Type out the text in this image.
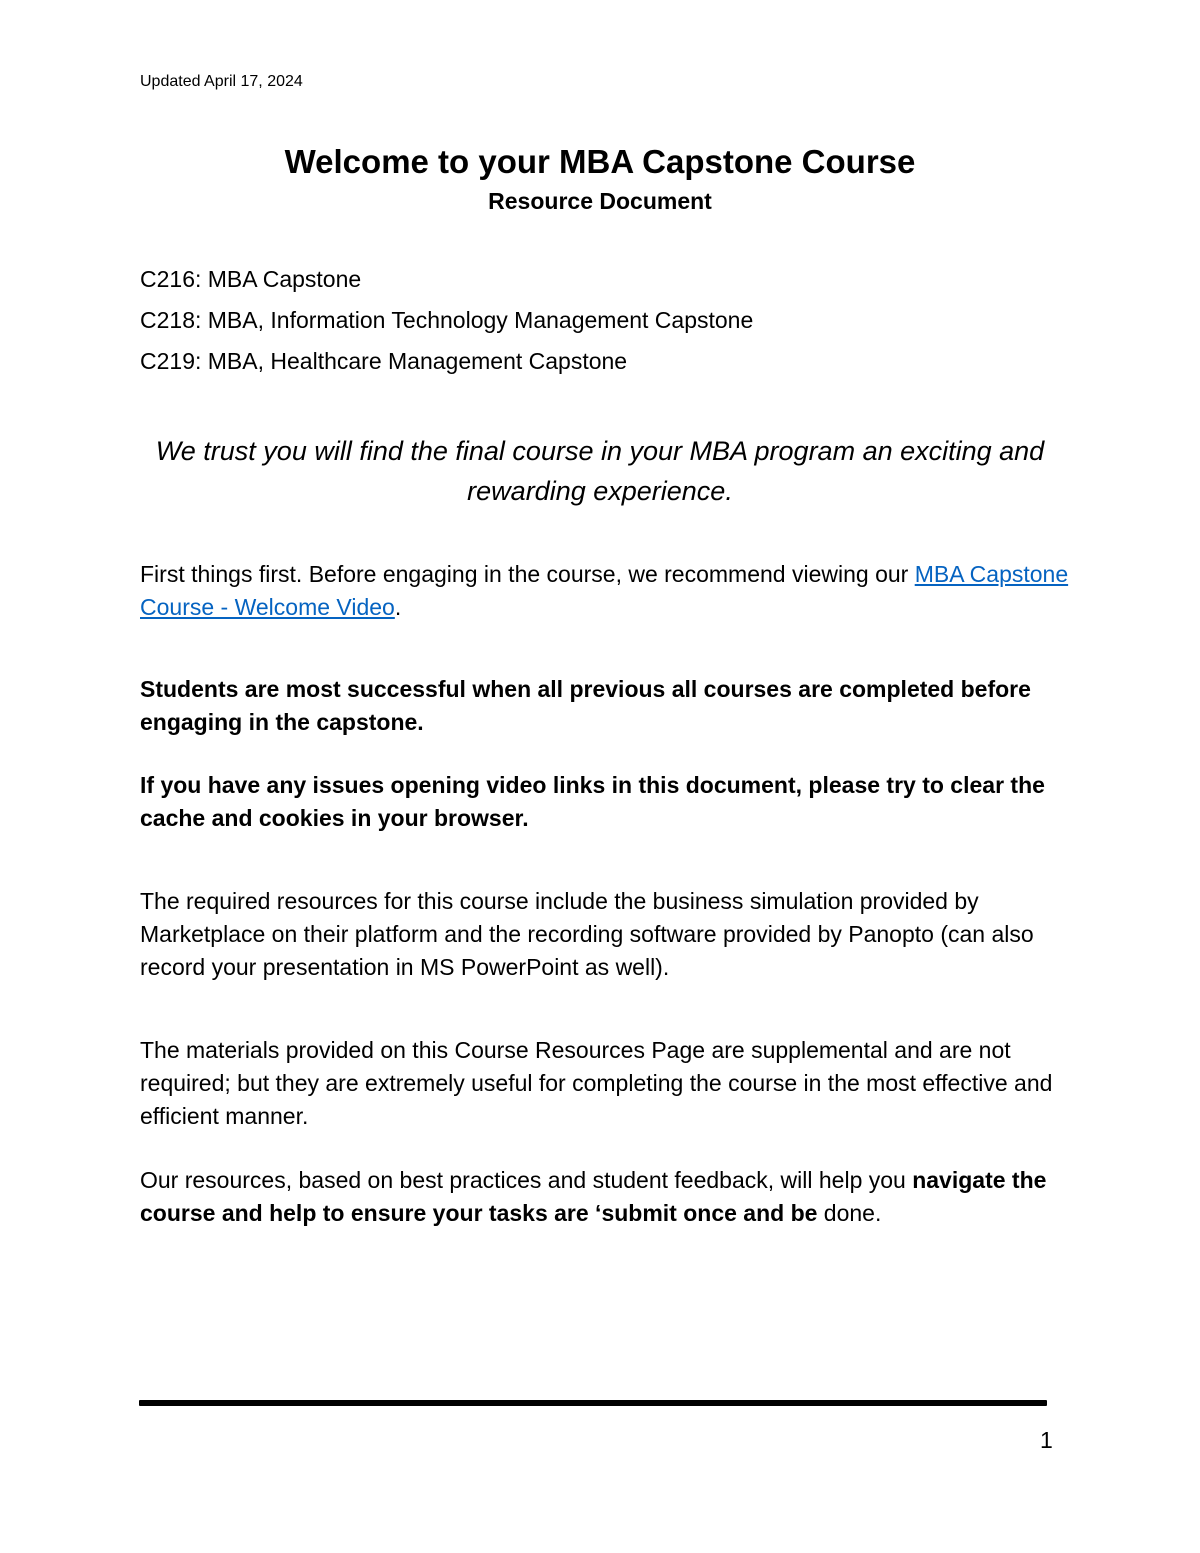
Updated April 17, 2024
Welcome to your MBA Capstone Course
Resource Document
C216: MBA Capstone
C218: MBA, Information Technology Management Capstone
C219: MBA, Healthcare Management Capstone
We trust you will find the final course in your MBA program an exciting and rewarding experience.
First things first. Before engaging in the course, we recommend viewing our MBA Capstone Course - Welcome Video.
Students are most successful when all previous all courses are completed before engaging in the capstone.
If you have any issues opening video links in this document, please try to clear the cache and cookies in your browser.
The required resources for this course include the business simulation provided by Marketplace on their platform and the recording software provided by Panopto (can also record your presentation in MS PowerPoint as well).
The materials provided on this Course Resources Page are supplemental and are not required; but they are extremely useful for completing the course in the most effective and efficient manner.
Our resources, based on best practices and student feedback, will help you navigate the course and help to ensure your tasks are ‘submit once and be done.
1
